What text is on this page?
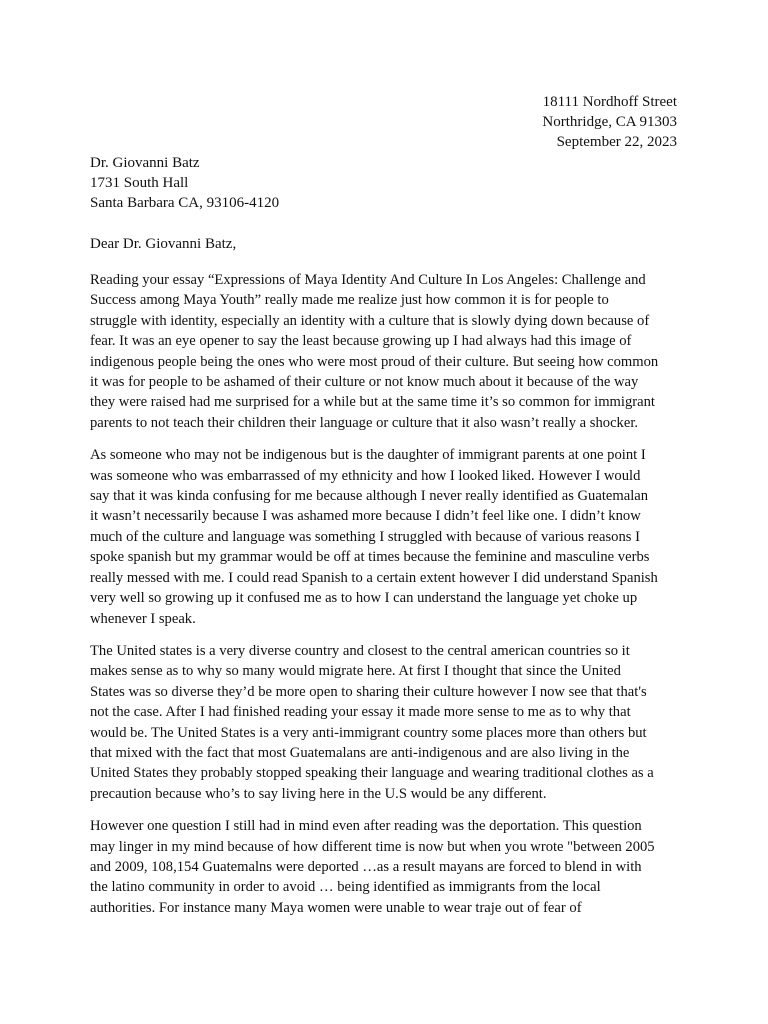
18111 Nordhoff Street
Northridge, CA 91303
September 22, 2023
Dr. Giovanni Batz
1731 South Hall
Santa Barbara CA, 93106-4120
Dear Dr. Giovanni Batz,

Reading your essay “Expressions of Maya Identity And Culture In Los Angeles: Challenge and
Success among Maya Youth” really made me realize just how common it is for people to
struggle with identity, especially an identity with a culture that is slowly dying down because of
fear. It was an eye opener to say the least because growing up I had always had this image of
indigenous people being the ones who were most proud of their culture. But seeing how common
it was for people to be ashamed of their culture or not know much about it because of the way
they were raised had me surprised for a while but at the same time it’s so common for immigrant
parents to not teach their children their language or culture that it also wasn’t really a shocker.

As someone who may not be indigenous but is the daughter of immigrant parents at one point I
was someone who was embarrassed of my ethnicity and how I looked liked. However I would
say that it was kinda confusing for me because although I never really identified as Guatemalan
it wasn’t necessarily because I was ashamed more because I didn’t feel like one. I didn’t know
much of the culture and language was something I struggled with because of various reasons I
spoke spanish but my grammar would be off at times because the feminine and masculine verbs
really messed with me. I could read Spanish to a certain extent however I did understand Spanish
very well so growing up it confused me as to how I can understand the language yet choke up
whenever I speak.

The United states is a very diverse country and closest to the central american countries so it
makes sense as to why so many would migrate here. At first I thought that since the United
States was so diverse they’d be more open to sharing their culture however I now see that that's
not the case. After I had finished reading your essay it made more sense to me as to why that
would be. The United States is a very anti-immigrant country some places more than others but
that mixed with the fact that most Guatemalans are anti-indigenous and are also living in the
United States they probably stopped speaking their language and wearing traditional clothes as a
precaution because who’s to say living here in the U.S would be any different.

However one question I still had in mind even after reading was the deportation. This question
may linger in my mind because of how different time is now but when you wrote "between 2005
and 2009, 108,154 Guatemalns were deported …as a result mayans are forced to blend in with
the latino community in order to avoid … being identified as immigrants from the local
authorities. For instance many Maya women were unable to wear traje out of fear of
